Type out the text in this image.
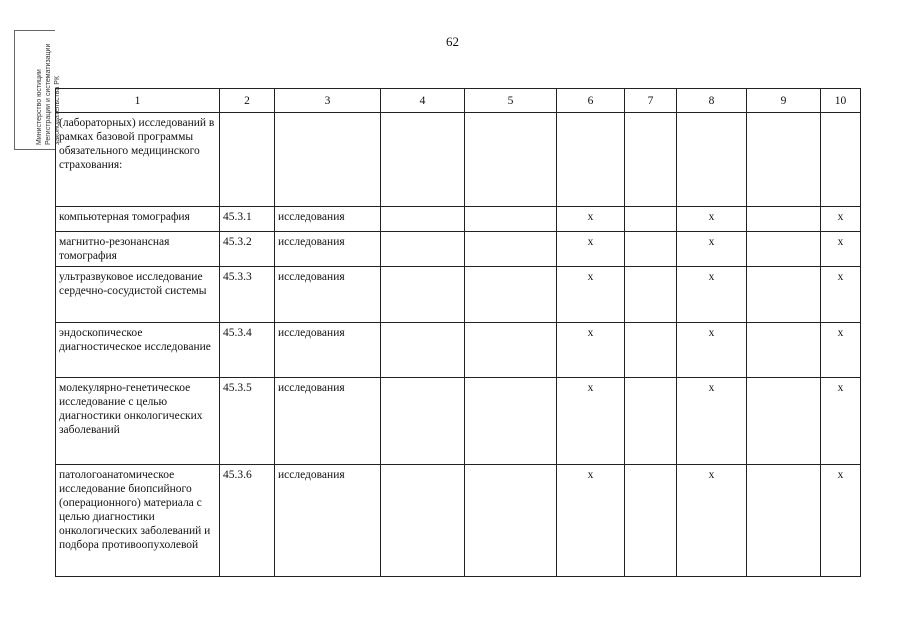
62
Министерство юстиции Регистрации и систематизации законодательства РК	1	2	3	4	5	6	7	8	9	10
(лабораторных) исследований в рамках базовой программы обязательного медицинского страхования:									
компьютерная томография	45.3.1	исследования			х		х		х
магнитно-резонансная томография	45.3.2	исследования			х		х		х
ультразвуковое исследование сердечно-сосудистой системы	45.3.3	исследования			х		х		х
эндоскопическое диагностическое исследование	45.3.4	исследования			х		х		х
молекулярно-генетическое исследование с целью диагностики онкологических заболеваний	45.3.5	исследования			х		х		х
патологоанатомическое исследование биопсийного (операционного) материала с целью диагностики онкологических заболеваний и подбора противоопухолевой	45.3.6	исследования			х		х		х
